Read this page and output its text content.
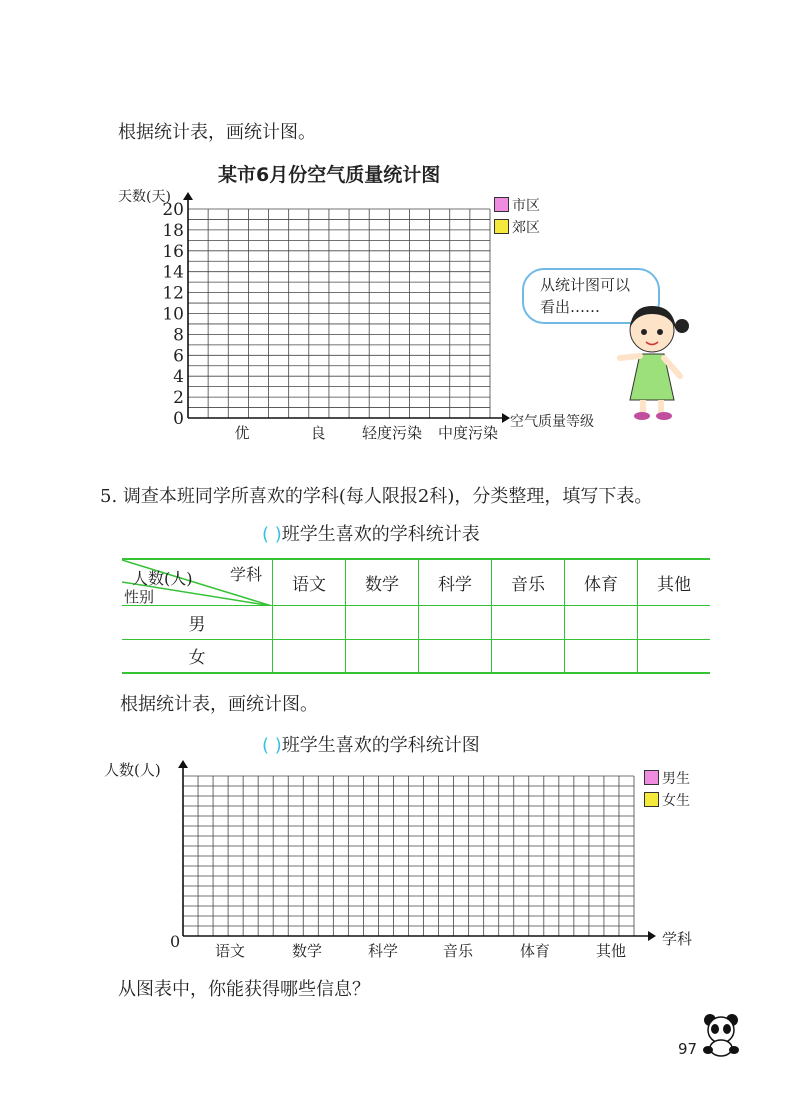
根据统计表，画统计图。
某市6月份空气质量统计图
天数(天)
0
2
4
6
8
10
12
14
16
18
20
优	良 轻度污染 中度污染
市区
郊区
空气质量等级
从统计图可以
看出……
5. 调查本班同学所喜欢的学科(每人限报2科)，分类整理，填写下表。
( )班学生喜欢的学科统计表
学科
人数(人)
性别	语文	数学	科学	音乐	体育	其他
男						
女						
根据统计表，画统计图。
( )班学生喜欢的学科统计图
人数(人)
语文	数学	科学	音乐	体育	其他
男生
女生
0	学科
从图表中，你能获得哪些信息？
97
